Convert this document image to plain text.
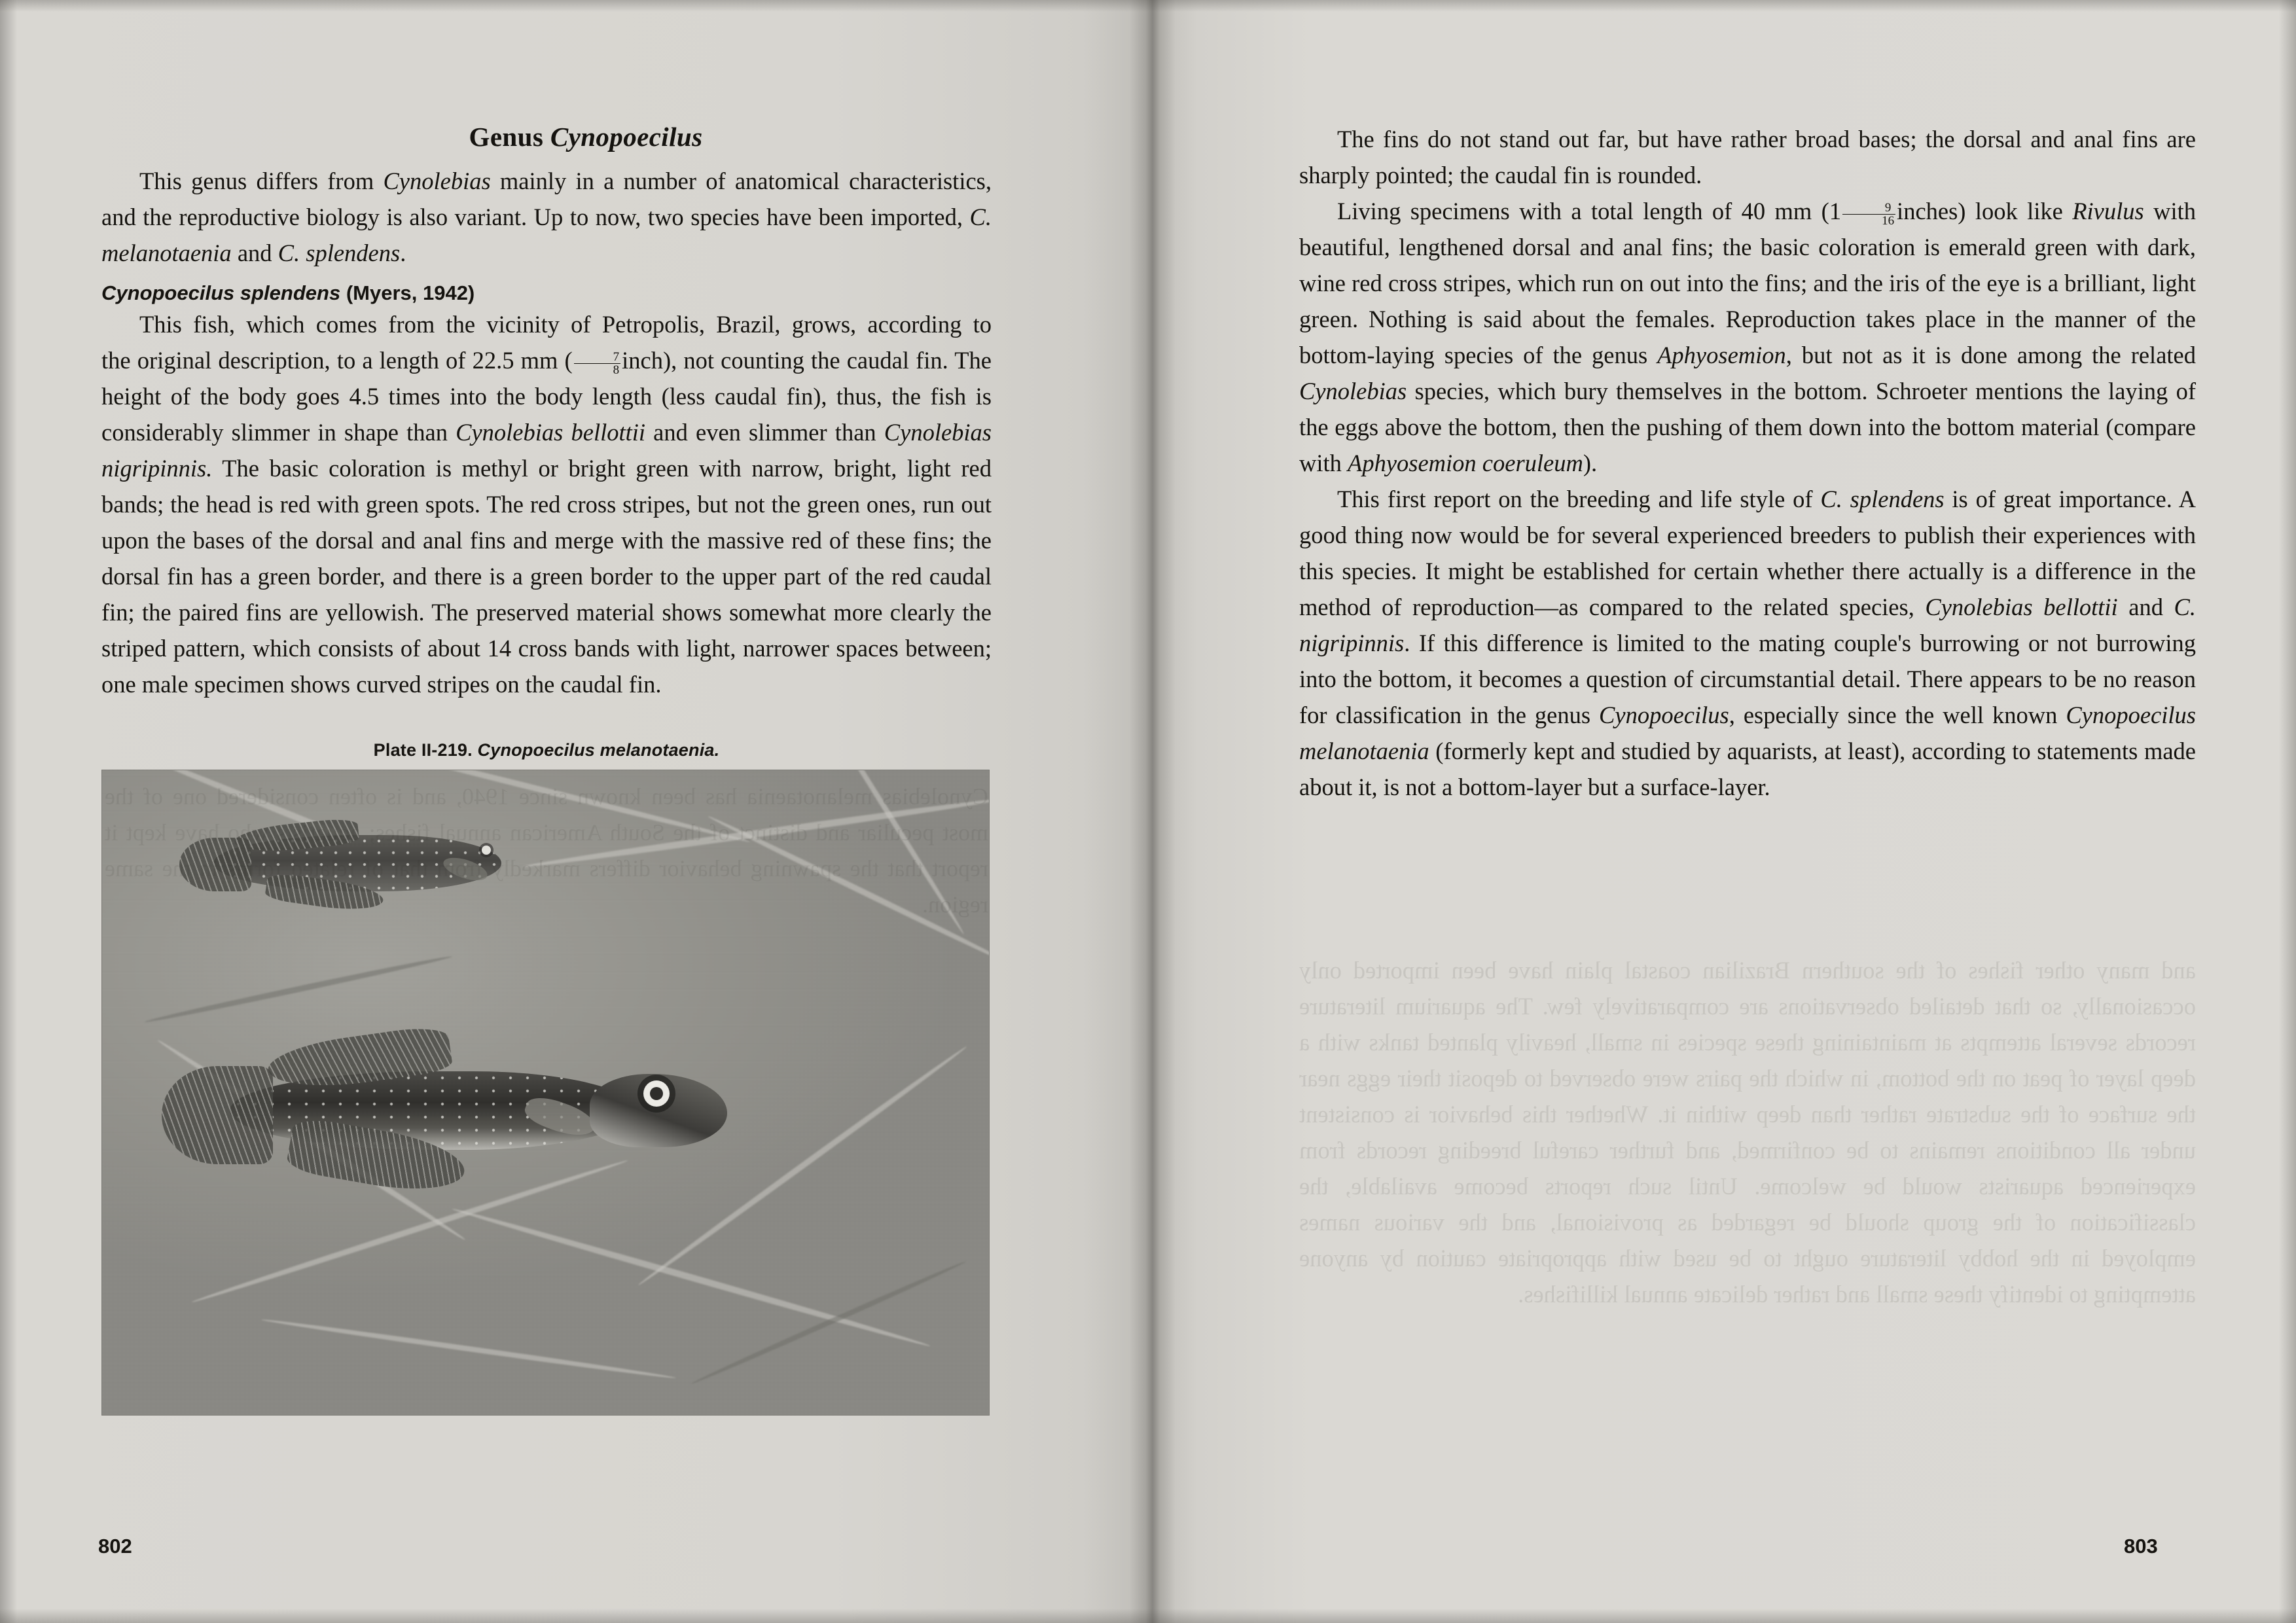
Genus Cynopoecilus

This genus differs from Cynolebias mainly in a number of anatomical characteristics, and the reproductive biology is also variant. Up to now, two species have been imported, C. melanotaenia and C. splendens.

Cynopoecilus splendens (Myers, 1942)

This fish, which comes from the vicinity of Petropolis, Brazil, grows, according to the original description, to a length of 22.5 mm ( $\frac{7}{8}$ inch), not counting the caudal fin. The height of the body goes 4.5 times into the body length (less caudal fin), thus, the fish is considerably slimmer in shape than Cynolebias bellottii and even slimmer than Cynolebias nigripinnis. The basic coloration is methyl or bright green with narrow, bright, light red bands; the head is red with green spots. The red cross stripes, but not the green ones, run out upon the bases of the dorsal and anal fins and merge with the massive red of these fins; the dorsal fin has a green border, and there is a green border to the upper part of the red caudal fin; the paired fins are yellowish. The preserved material shows somewhat more clearly the striped pattern, which consists of about 14 cross bands with light, narrower spaces between; one male specimen shows curved stripes on the caudal fin.

Plate II-219. Cynopoecilus melanotaenia.

The fins do not stand out far, but have rather broad bases; the dorsal and anal fins are sharply pointed; the caudal fin is rounded.

Living specimens with a total length of 40 mm ($1 \frac{9}{16}$ inches) look like Rivulus with beautiful, lengthened dorsal and anal fins; the basic coloration is emerald green with dark, wine red cross stripes, which run on out into the fins; and the iris of the eye is a brilliant, light green. Nothing is said about the females. Reproduction takes place in the manner of the bottom-laying species of the genus Aphyosemion, but not as it is done among the related Cynolebias species, which bury themselves in the bottom. Schroeter mentions the laying of the eggs above the bottom, then the pushing of them down into the bottom material (compare with Aphyosemion coeruleum).

This first report on the breeding and life style of C. splendens is of great importance. A good thing now would be for several experienced breeders to publish their experiences with this species. It might be established for certain whether there actually is a difference in the method of reproduction—as compared to the related species, Cynolebias bellottii and C. nigripinnis. If this difference is limited to the mating couple's burrowing or not burrowing into the bottom, it becomes a question of circumstantial detail. There appears to be no reason for classification in the genus Cynopoecilus, especially since the well known Cynopoecilus melanotaenia (formerly kept and studied by aquarists, at least), according to statements made about it, is not a bottom-layer but a surface-layer.

802	803
